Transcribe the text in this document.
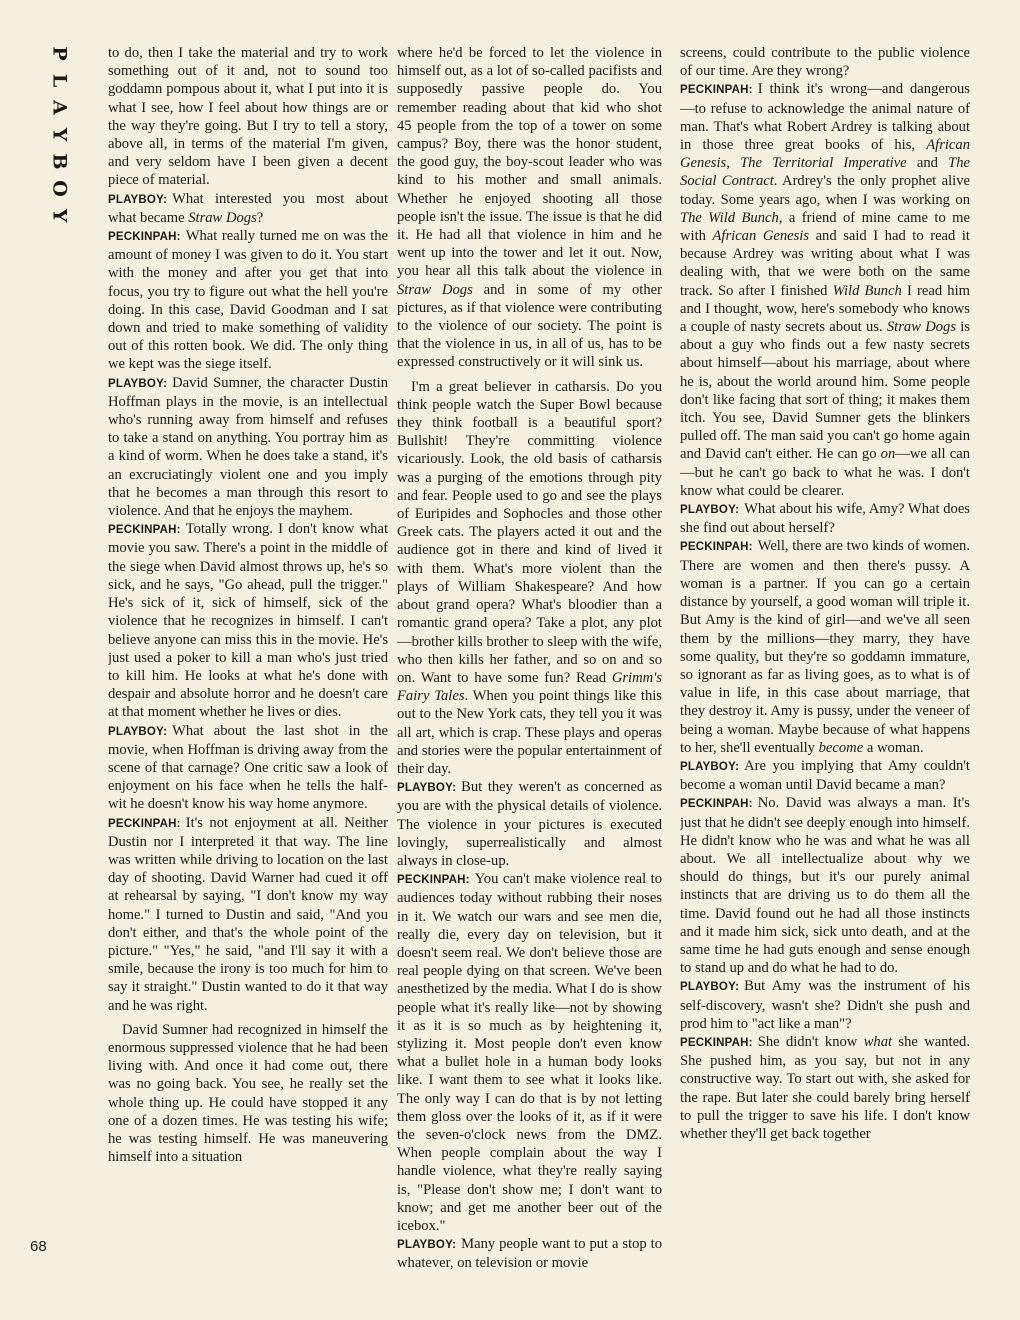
P
L
A
Y
B
O
Y

to do, then I take the material and try to work something out of it and, not to sound too goddamn pompous about it, what I put into it is what I see, how I feel about how things are or the way they're going. But I try to tell a story, above all, in terms of the material I'm given, and very seldom have I been given a decent piece of material.

PLAYBOY: What interested you most about what became Straw Dogs?

PECKINPAH: What really turned me on was the amount of money I was given to do it. You start with the money and after you get that into focus, you try to figure out what the hell you're doing. In this case, David Goodman and I sat down and tried to make something of validity out of this rotten book. We did. The only thing we kept was the siege itself.

PLAYBOY: David Sumner, the character Dustin Hoffman plays in the movie, is an intellectual who's running away from himself and refuses to take a stand on anything. You portray him as a kind of worm. When he does take a stand, it's an excruciatingly violent one and you imply that he becomes a man through this resort to violence. And that he enjoys the mayhem.

PECKINPAH: Totally wrong. I don't know what movie you saw. There's a point in the middle of the siege when David almost throws up, he's so sick, and he says, "Go ahead, pull the trigger." He's sick of it, sick of himself, sick of the violence that he recognizes in himself. I can't believe anyone can miss this in the movie. He's just used a poker to kill a man who's just tried to kill him. He looks at what he's done with despair and absolute horror and he doesn't care at that moment whether he lives or dies.

PLAYBOY: What about the last shot in the movie, when Hoffman is driving away from the scene of that carnage? One critic saw a look of enjoyment on his face when he tells the half-wit he doesn't know his way home anymore.

PECKINPAH: It's not enjoyment at all. Neither Dustin nor I interpreted it that way. The line was written while driving to location on the last day of shooting. David Warner had cued it off at rehearsal by saying, "I don't know my way home." I turned to Dustin and said, "And you don't either, and that's the whole point of the picture." "Yes," he said, "and I'll say it with a smile, because the irony is too much for him to say it straight." Dustin wanted to do it that way and he was right.

David Sumner had recognized in himself the enormous suppressed violence that he had been living with. And once it had come out, there was no going back. You see, he really set the whole thing up. He could have stopped it any one of a dozen times. He was testing his wife; he was testing himself. He was maneuvering himself into a situation

where he'd be forced to let the violence in himself out, as a lot of so-called pacifists and supposedly passive people do. You remember reading about that kid who shot 45 people from the top of a tower on some campus? Boy, there was the honor student, the good guy, the boy-scout leader who was kind to his mother and small animals. Whether he enjoyed shooting all those people isn't the issue. The issue is that he did it. He had all that violence in him and he went up into the tower and let it out. Now, you hear all this talk about the violence in Straw Dogs and in some of my other pictures, as if that violence were contributing to the violence of our society. The point is that the violence in us, in all of us, has to be expressed constructively or it will sink us.

I'm a great believer in catharsis. Do you think people watch the Super Bowl because they think football is a beautiful sport? Bullshit! They're committing violence vicariously. Look, the old basis of catharsis was a purging of the emotions through pity and fear. People used to go and see the plays of Euripides and Sophocles and those other Greek cats. The players acted it out and the audience got in there and kind of lived it with them. What's more violent than the plays of William Shakespeare? And how about grand opera? What's bloodier than a romantic grand opera? Take a plot, any plot—brother kills brother to sleep with the wife, who then kills her father, and so on and so on. Want to have some fun? Read Grimm's Fairy Tales. When you point things like this out to the New York cats, they tell you it was all art, which is crap. These plays and operas and stories were the popular entertainment of their day.

PLAYBOY: But they weren't as concerned as you are with the physical details of violence. The violence in your pictures is executed lovingly, superrealistically and almost always in close-up.

PECKINPAH: You can't make violence real to audiences today without rubbing their noses in it. We watch our wars and see men die, really die, every day on television, but it doesn't seem real. We don't believe those are real people dying on that screen. We've been anesthetized by the media. What I do is show people what it's really like—not by showing it as it is so much as by heightening it, stylizing it. Most people don't even know what a bullet hole in a human body looks like. I want them to see what it looks like. The only way I can do that is by not letting them gloss over the looks of it, as if it were the seven-o'clock news from the DMZ. When people complain about the way I handle violence, what they're really saying is, "Please don't show me; I don't want to know; and get me another beer out of the icebox."

PLAYBOY: Many people want to put a stop to whatever, on television or movie

screens, could contribute to the public violence of our time. Are they wrong?

PECKINPAH: I think it's wrong—and dangerous—to refuse to acknowledge the animal nature of man. That's what Robert Ardrey is talking about in those three great books of his, African Genesis, The Territorial Imperative and The Social Contract. Ardrey's the only prophet alive today. Some years ago, when I was working on The Wild Bunch, a friend of mine came to me with African Genesis and said I had to read it because Ardrey was writing about what I was dealing with, that we were both on the same track. So after I finished Wild Bunch I read him and I thought, wow, here's somebody who knows a couple of nasty secrets about us. Straw Dogs is about a guy who finds out a few nasty secrets about himself—about his marriage, about where he is, about the world around him. Some people don't like facing that sort of thing; it makes them itch. You see, David Sumner gets the blinkers pulled off. The man said you can't go home again and David can't either. He can go on—we all can—but he can't go back to what he was. I don't know what could be clearer.

PLAYBOY: What about his wife, Amy? What does she find out about herself?

PECKINPAH: Well, there are two kinds of women. There are women and then there's pussy. A woman is a partner. If you can go a certain distance by yourself, a good woman will triple it. But Amy is the kind of girl—and we've all seen them by the millions—they marry, they have some quality, but they're so goddamn immature, so ignorant as far as living goes, as to what is of value in life, in this case about marriage, that they destroy it. Amy is pussy, under the veneer of being a woman. Maybe because of what happens to her, she'll eventually become a woman.

PLAYBOY: Are you implying that Amy couldn't become a woman until David became a man?

PECKINPAH: No. David was always a man. It's just that he didn't see deeply enough into himself. He didn't know who he was and what he was all about. We all intellectualize about why we should do things, but it's our purely animal instincts that are driving us to do them all the time. David found out he had all those instincts and it made him sick, sick unto death, and at the same time he had guts enough and sense enough to stand up and do what he had to do.

PLAYBOY: But Amy was the instrument of his self-discovery, wasn't she? Didn't she push and prod him to "act like a man"?

PECKINPAH: She didn't know what she wanted. She pushed him, as you say, but not in any constructive way. To start out with, she asked for the rape. But later she could barely bring herself to pull the trigger to save his life. I don't know whether they'll get back together

68
